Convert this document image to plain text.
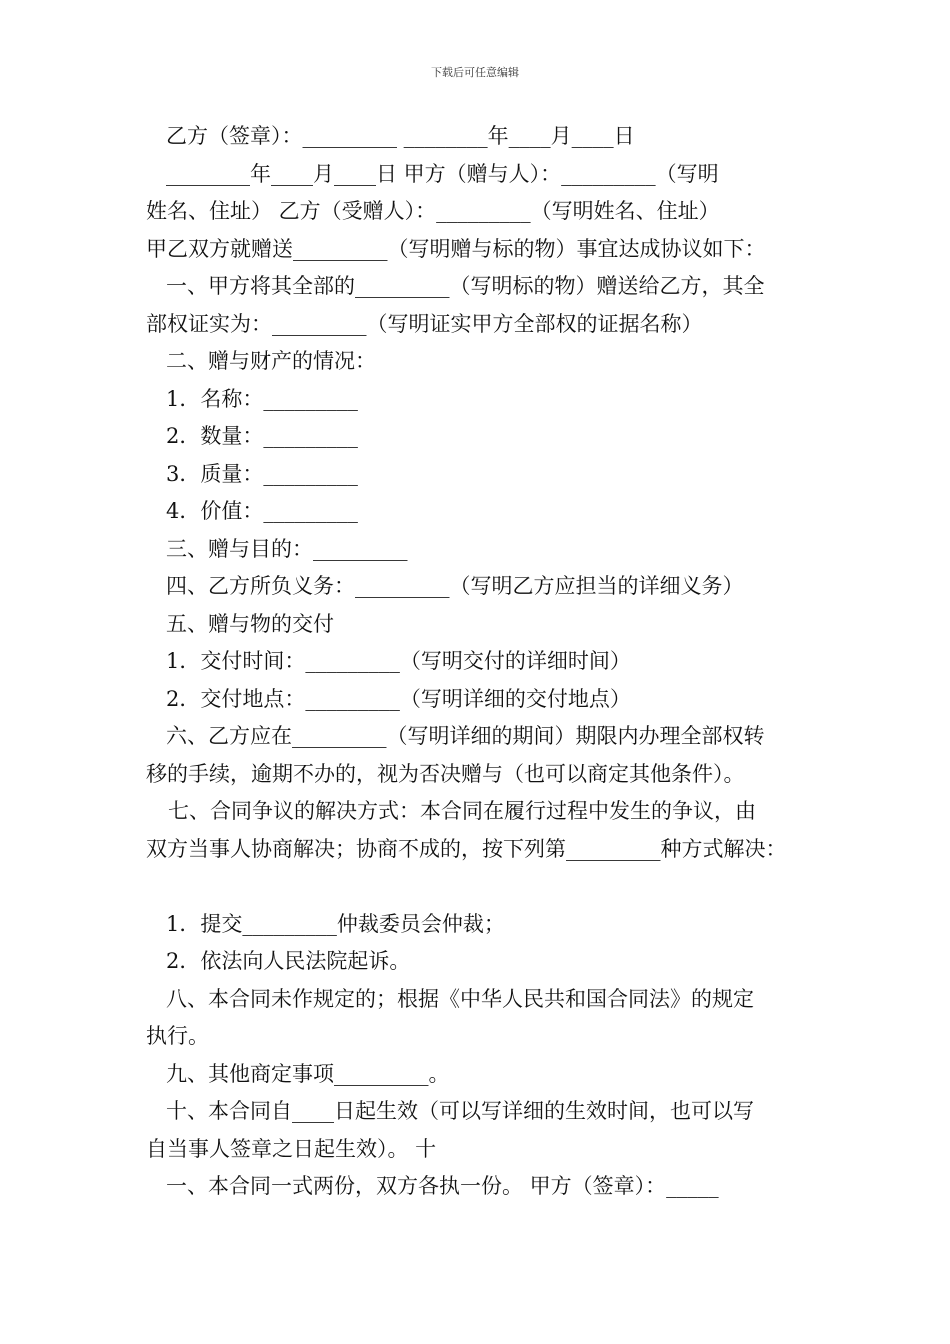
下载后可任意编辑
乙方（签章）：_________ ________年____月____日
________年____月____日 甲方（赠与人）：_________（写明
姓名、住址） 乙方（受赠人）：_________（写明姓名、住址）
甲乙双方就赠送_________（写明赠与标的物）事宜达成协议如下：
一、甲方将其全部的_________（写明标的物）赠送给乙方，其全
部权证实为：_________（写明证实甲方全部权的证据名称）
二、赠与财产的情况：
1．名称：_________
2．数量：_________
3．质量：_________
4．价值：_________
三、赠与目的：_________
四、乙方所负义务：_________（写明乙方应担当的详细义务）
五、赠与物的交付
1．交付时间：_________（写明交付的详细时间）
2．交付地点：_________（写明详细的交付地点）
六、乙方应在_________（写明详细的期间）期限内办理全部权转
移的手续，逾期不办的，视为否决赠与（也可以商定其他条件）。
七、合同争议的解决方式：本合同在履行过程中发生的争议，由
双方当事人协商解决；协商不成的，按下列第_________种方式解决：
1．提交_________仲裁委员会仲裁；
2．依法向人民法院起诉。
八、本合同未作规定的；根据《中华人民共和国合同法》的规定
执行。
九、其他商定事项_________。
十、本合同自____日起生效（可以写详细的生效时间，也可以写
自当事人签章之日起生效）。 十
一、本合同一式两份，双方各执一份。 甲方（签章）：_____
